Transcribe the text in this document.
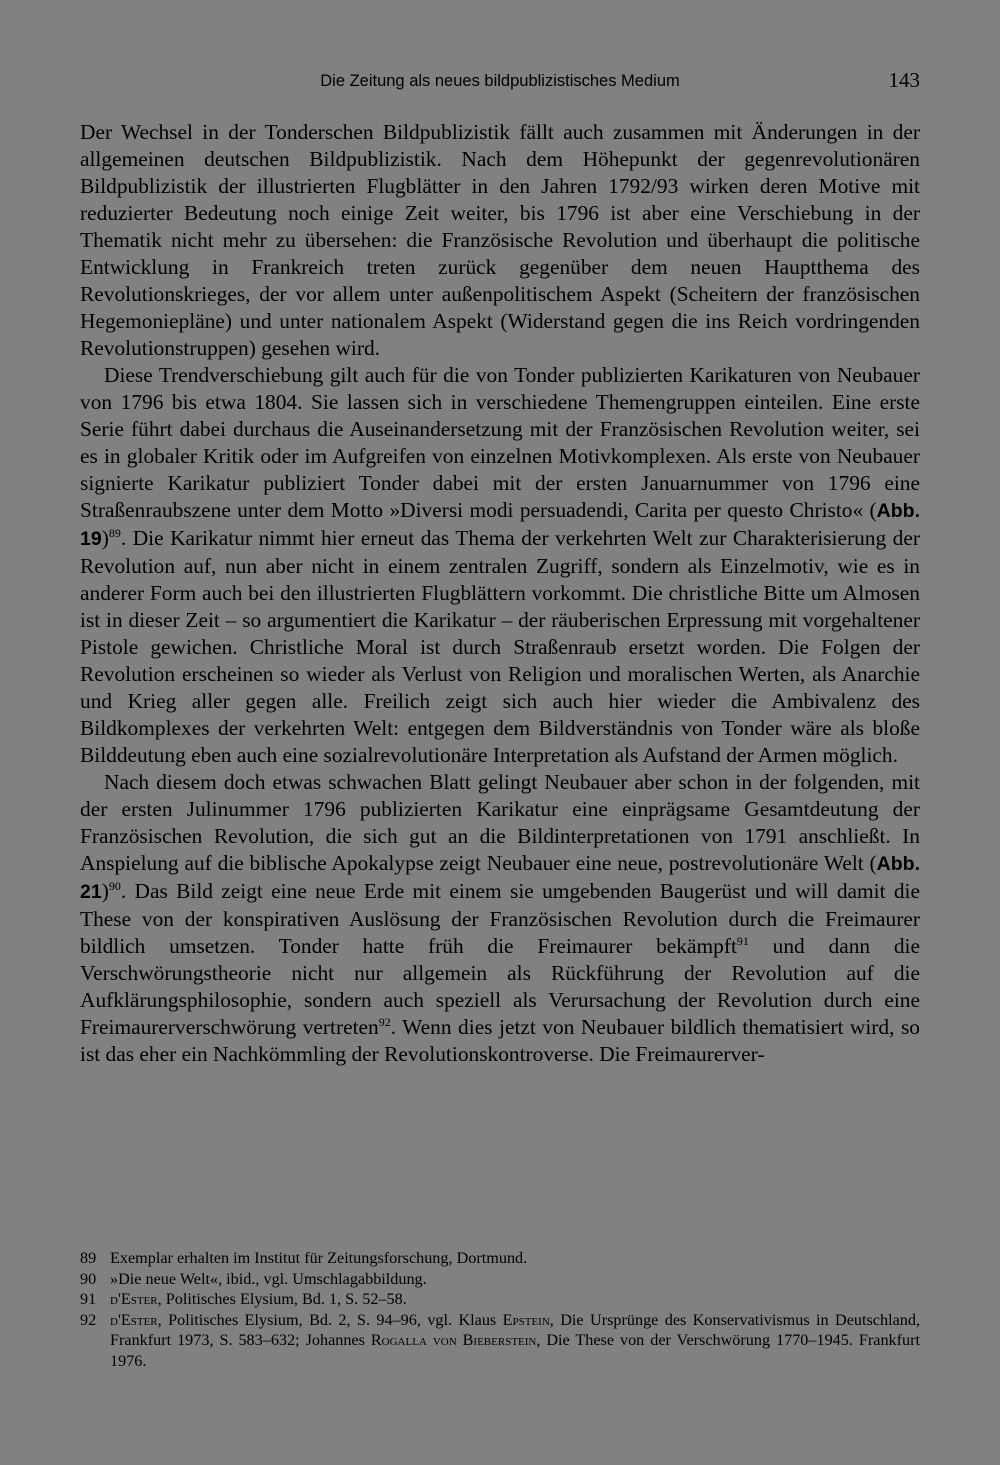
Die Zeitung als neues bildpublizistisches Medium	143

Der Wechsel in der Tonderschen Bildpublizistik fällt auch zusammen mit Änderungen in der allgemeinen deutschen Bildpublizistik. Nach dem Höhepunkt der gegenrevolutionären Bildpublizistik der illustrierten Flugblätter in den Jahren 1792/93 wirken deren Motive mit reduzierter Bedeutung noch einige Zeit weiter, bis 1796 ist aber eine Verschiebung in der Thematik nicht mehr zu übersehen: die Französische Revolution und überhaupt die politische Entwicklung in Frankreich treten zurück gegenüber dem neuen Hauptthema des Revolutionskrieges, der vor allem unter außenpolitischem Aspekt (Scheitern der französischen Hegemoniepläne) und unter nationalem Aspekt (Widerstand gegen die ins Reich vordringenden Revolutionstruppen) gesehen wird.

Diese Trendverschiebung gilt auch für die von Tonder publizierten Karikaturen von Neubauer von 1796 bis etwa 1804. Sie lassen sich in verschiedene Themengruppen einteilen. Eine erste Serie führt dabei durchaus die Auseinandersetzung mit der Französischen Revolution weiter, sei es in globaler Kritik oder im Aufgreifen von einzelnen Motivkomplexen. Als erste von Neubauer signierte Karikatur publiziert Tonder dabei mit der ersten Januarnummer von 1796 eine Straßenraubszene unter dem Motto »Diversi modi persuadendi, Carita per questo Christo« (Abb. 19)$^{89}$. Die Karikatur nimmt hier erneut das Thema der verkehrten Welt zur Charakterisierung der Revolution auf, nun aber nicht in einem zentralen Zugriff, sondern als Einzelmotiv, wie es in anderer Form auch bei den illustrierten Flugblättern vorkommt. Die christliche Bitte um Almosen ist in dieser Zeit – so argumentiert die Karikatur – der räuberischen Erpressung mit vorgehaltener Pistole gewichen. Christliche Moral ist durch Straßenraub ersetzt worden. Die Folgen der Revolution erscheinen so wieder als Verlust von Religion und moralischen Werten, als Anarchie und Krieg aller gegen alle. Freilich zeigt sich auch hier wieder die Ambivalenz des Bildkomplexes der verkehrten Welt: entgegen dem Bildverständnis von Tonder wäre als bloße Bilddeutung eben auch eine sozialrevolutionäre Interpretation als Aufstand der Armen möglich.

Nach diesem doch etwas schwachen Blatt gelingt Neubauer aber schon in der folgenden, mit der ersten Julinummer 1796 publizierten Karikatur eine einprägsame Gesamtdeutung der Französischen Revolution, die sich gut an die Bildinterpretationen von 1791 anschließt. In Anspielung auf die biblische Apokalypse zeigt Neubauer eine neue, postrevolutionäre Welt (Abb. 21)$^{90}$. Das Bild zeigt eine neue Erde mit einem sie umgebenden Baugerüst und will damit die These von der konspirativen Auslösung der Französischen Revolution durch die Freimaurer bildlich umsetzen. Tonder hatte früh die Freimaurer bekämpft$^{91}$ und dann die Verschwörungstheorie nicht nur allgemein als Rückführung der Revolution auf die Aufklärungsphilosophie, sondern auch speziell als Verursachung der Revolution durch eine Freimaurerverschwörung vertreten$^{92}$. Wenn dies jetzt von Neubauer bildlich thematisiert wird, so ist das eher ein Nachkömmling der Revolutionskontroverse. Die Freimaurerver-

89 Exemplar erhalten im Institut für Zeitungsforschung, Dortmund.
90 »Die neue Welt«, ibid., vgl. Umschlagabbildung.
91 d'Ester, Politisches Elysium, Bd. 1, S. 52–58.
92 d'Ester, Politisches Elysium, Bd. 2, S. 94–96, vgl. Klaus Epstein, Die Ursprünge des Konservativismus in Deutschland, Frankfurt 1973, S. 583–632; Johannes Rogalla von Bieberstein, Die These von der Verschwörung 1770–1945. Frankfurt 1976.
